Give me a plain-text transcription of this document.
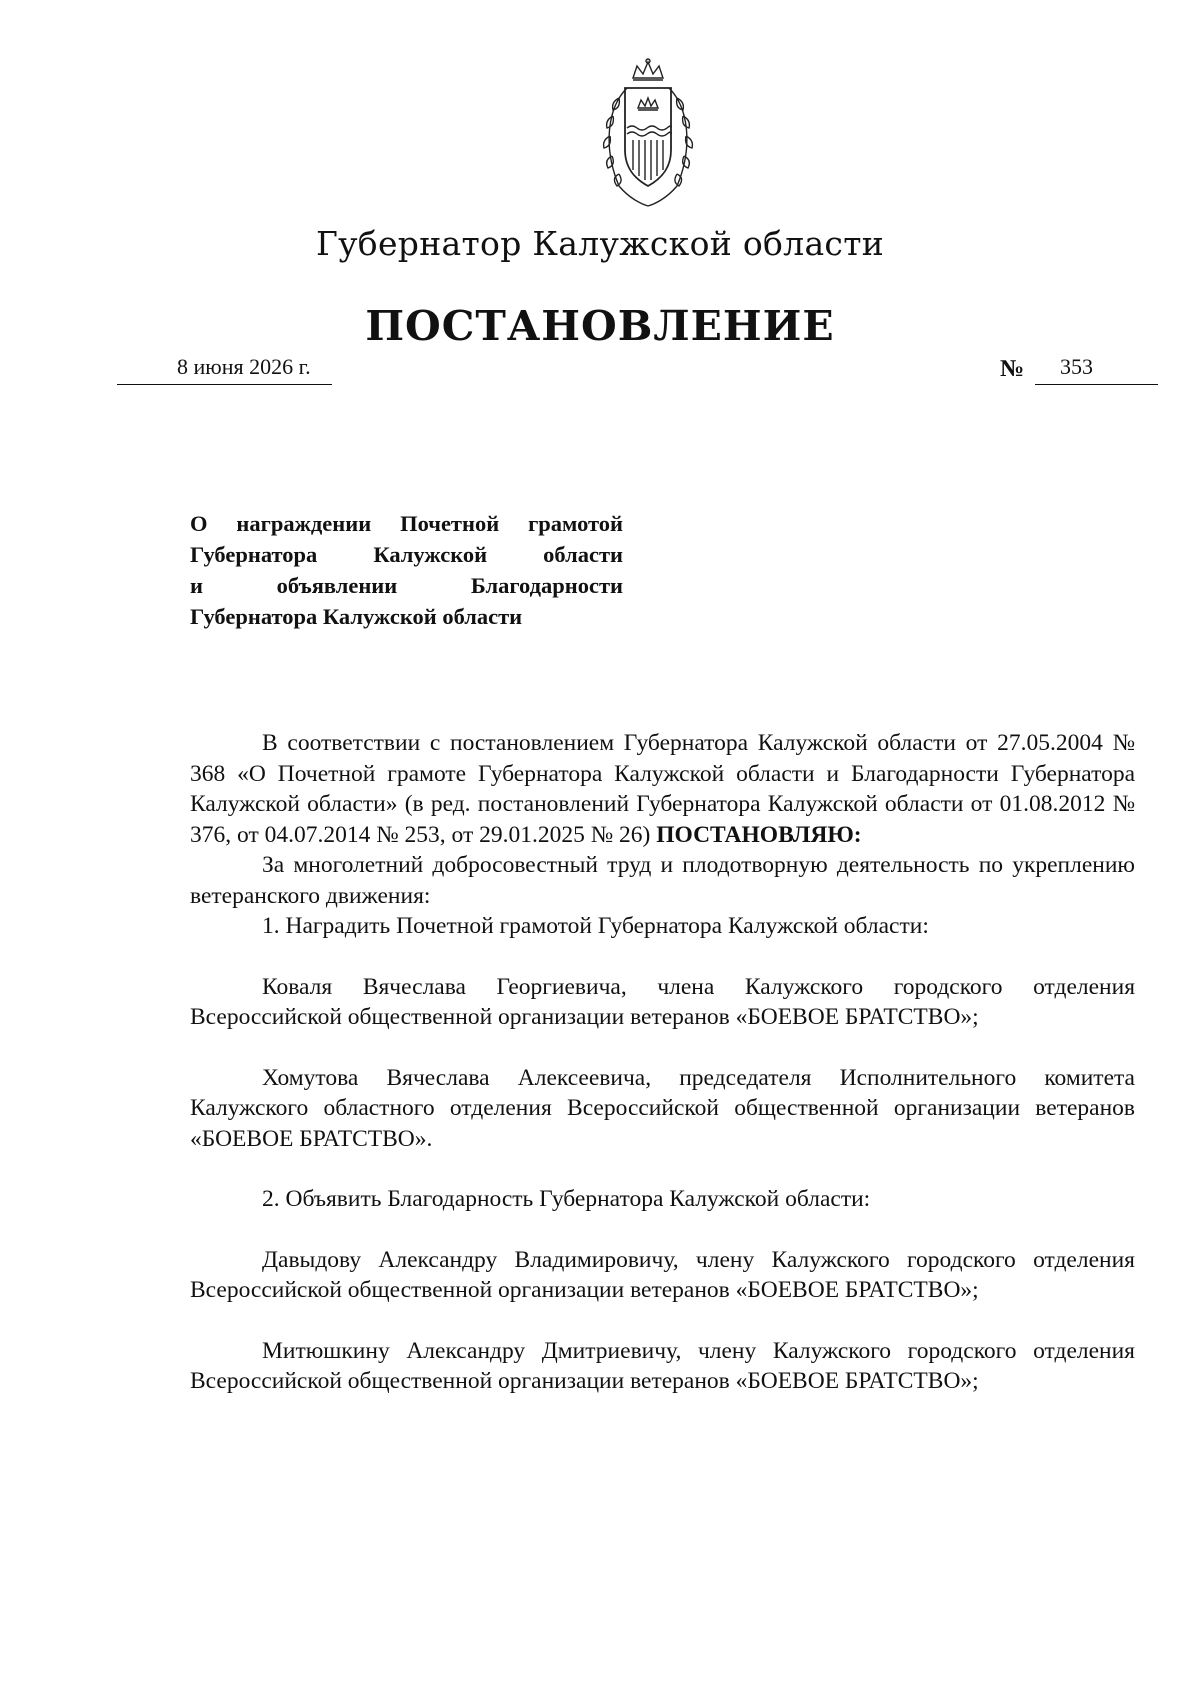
Губернатор Калужской области
ПОСТАНОВЛЕНИЕ
8 июня 2026 г.	№ 353
О награждении Почетной грамотой
Губернатора Калужской области
и объявлении Благодарности
Губернатора Калужской области

В соответствии с постановлением Губернатора Калужской области от 27.05.2004 № 368 «О Почетной грамоте Губернатора Калужской области и Благодарности Губернатора Калужской области» (в ред. постановлений Губернатора Калужской области от 01.08.2012 № 376, от 04.07.2014 № 253, от 29.01.2025 № 26) ПОСТАНОВЛЯЮ:

За многолетний добросовестный труд и плодотворную деятельность по укреплению ветеранского движения:

1. Наградить Почетной грамотой Губернатора Калужской области:

Коваля Вячеслава Георгиевича, члена Калужского городского отделения Всероссийской общественной организации ветеранов «БОЕВОЕ БРАТСТВО»;

Хомутова Вячеслава Алексеевича, председателя Исполнительного комитета Калужского областного отделения Всероссийской общественной организации ветеранов «БОЕВОЕ БРАТСТВО».

2. Объявить Благодарность Губернатора Калужской области:

Давыдову Александру Владимировичу, члену Калужского городского отделения Всероссийской общественной организации ветеранов «БОЕВОЕ БРАТСТВО»;

Митюшкину Александру Дмитриевичу, члену Калужского городского отделения Всероссийской общественной организации ветеранов «БОЕВОЕ БРАТСТВО»;
